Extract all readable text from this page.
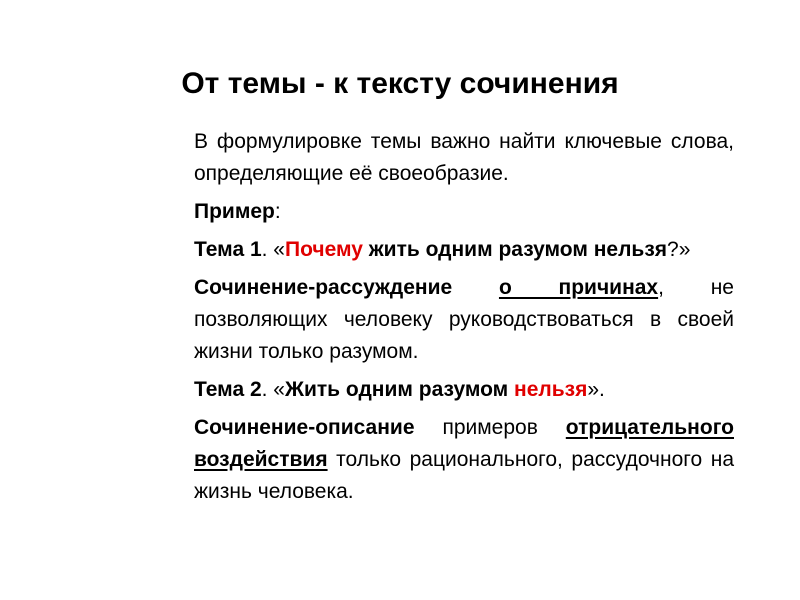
От темы - к тексту сочинения

В формулировке темы важно найти ключевые слова, определяющие её своеобразие.

Пример:

Тема 1. «Почему жить одним разумом нельзя?»

Сочинение-рассуждение о причинах, не позволяющих человеку руководствоваться в своей жизни только разумом.

Тема 2. «Жить одним разумом нельзя».

Сочинение-описание примеров отрицательного воздействия только рационального, рассудочного на жизнь человека.
